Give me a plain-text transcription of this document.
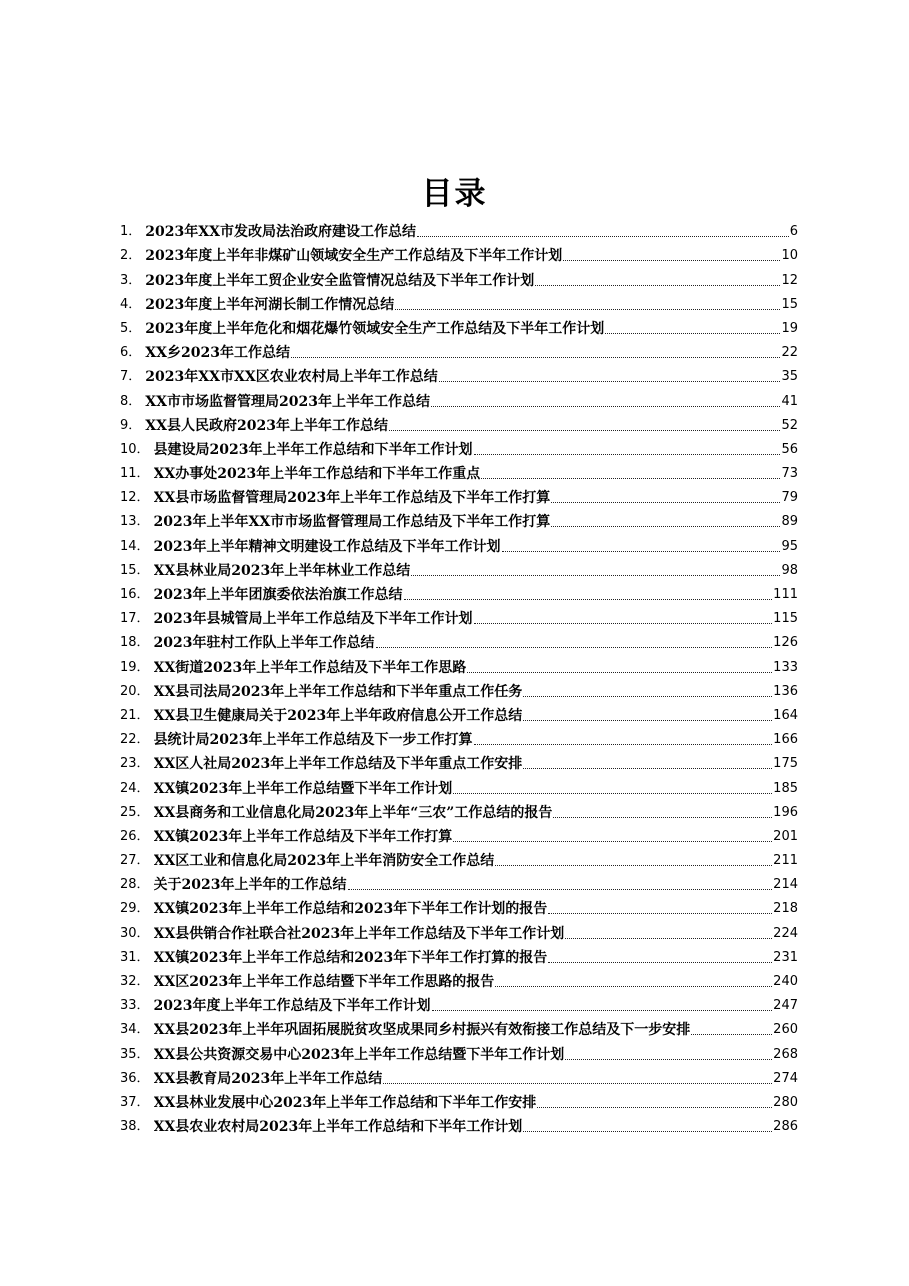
目录
1． 2023年XX市发改局法治政府建设工作总结	6
2． 2023年度上半年非煤矿山领域安全生产工作总结及下半年工作计划	10
3． 2023年度上半年工贸企业安全监管情况总结及下半年工作计划	12
4． 2023年度上半年河湖长制工作情况总结	15
5． 2023年度上半年危化和烟花爆竹领域安全生产工作总结及下半年工作计划	19
6． XX乡2023年工作总结	22
7． 2023年XX市XX区农业农村局上半年工作总结	35
8． XX市市场监督管理局2023年上半年工作总结	41
9． XX县人民政府2023年上半年工作总结	52
10． 县建设局2023年上半年工作总结和下半年工作计划	56
11． XX办事处2023年上半年工作总结和下半年工作重点	73
12． XX县市场监督管理局2023年上半年工作总结及下半年工作打算	79
13． 2023年上半年XX市市场监督管理局工作总结及下半年工作打算	89
14． 2023年上半年精神文明建设工作总结及下半年工作计划	95
15． XX县林业局2023年上半年林业工作总结	98
16． 2023年上半年团旗委依法治旗工作总结	111
17． 2023年县城管局上半年工作总结及下半年工作计划	115
18． 2023年驻村工作队上半年工作总结	126
19． XX街道2023年上半年工作总结及下半年工作思路	133
20． XX县司法局2023年上半年工作总结和下半年重点工作任务	136
21． XX县卫生健康局关于2023年上半年政府信息公开工作总结	164
22． 县统计局2023年上半年工作总结及下一步工作打算	166
23． XX区人社局2023年上半年工作总结及下半年重点工作安排	175
24． XX镇2023年上半年工作总结暨下半年工作计划	185
25． XX县商务和工业信息化局2023年上半年“三农”工作总结的报告	196
26． XX镇2023年上半年工作总结及下半年工作打算	201
27． XX区工业和信息化局2023年上半年消防安全工作总结	211
28． 关于2023年上半年的工作总结	214
29． XX镇2023年上半年工作总结和2023年下半年工作计划的报告	218
30． XX县供销合作社联合社2023年上半年工作总结及下半年工作计划	224
31． XX镇2023年上半年工作总结和2023年下半年工作打算的报告	231
32． XX区2023年上半年工作总结暨下半年工作思路的报告	240
33． 2023年度上半年工作总结及下半年工作计划	247
34． XX县2023年上半年巩固拓展脱贫攻坚成果同乡村振兴有效衔接工作总结及下一步安排	260
35． XX县公共资源交易中心2023年上半年工作总结暨下半年工作计划	268
36． XX县教育局2023年上半年工作总结	274
37． XX县林业发展中心2023年上半年工作总结和下半年工作安排	280
38． XX县农业农村局2023年上半年工作总结和下半年工作计划	286
